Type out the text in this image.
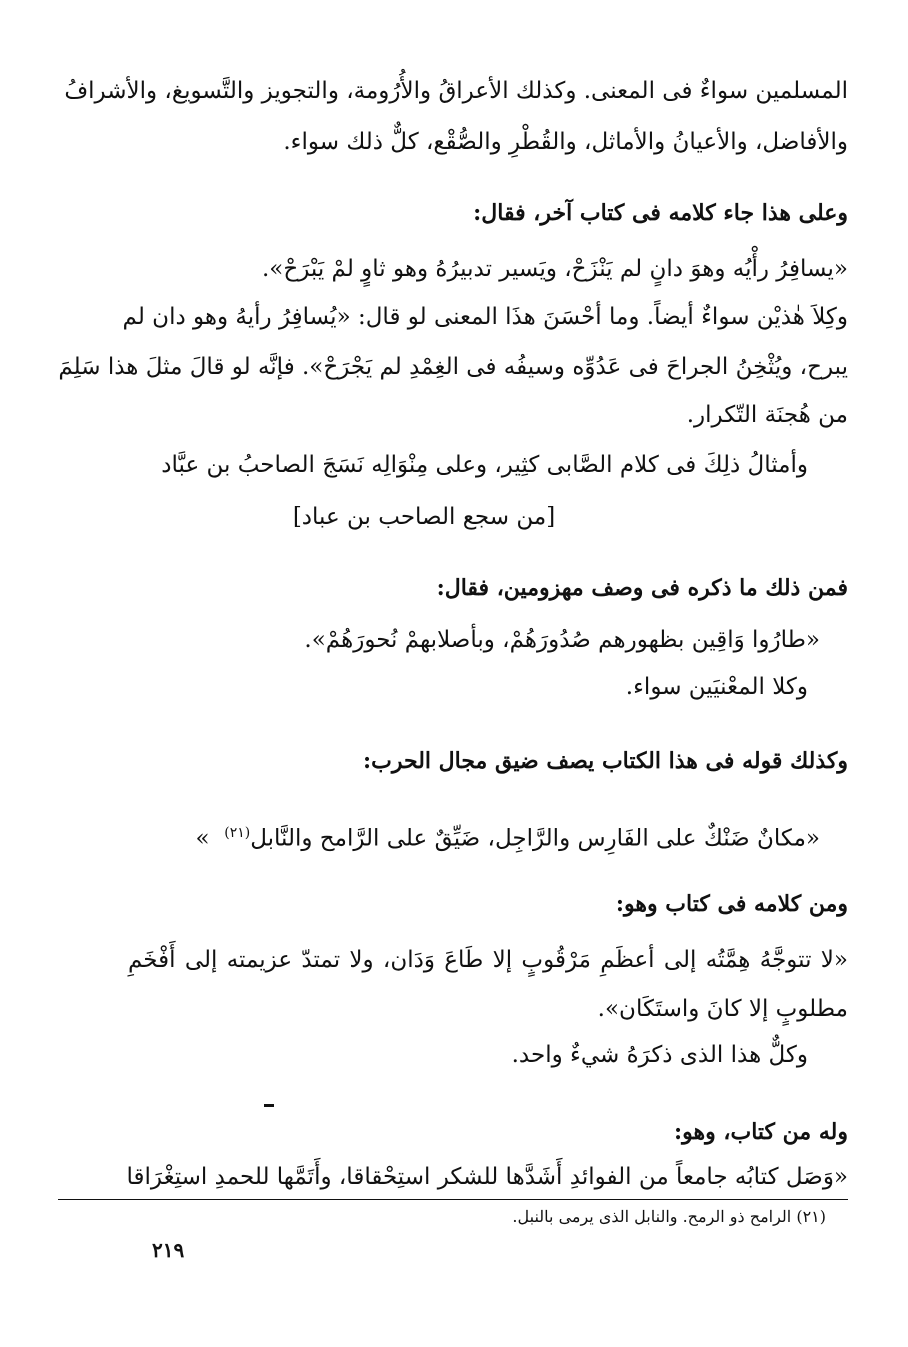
المسلمين سواءٌ فى المعنى. وكذلك الأعراقُ والأُرُومة، والتجويز والتَّسويغ، والأشرافُ
والأفاضل، والأعيانُ والأماثل، والقُطْرِ والصُّقْع، كلٌّ ذلك سواء.
وعلى هذا جاء كلامه فى كتاب آخر، فقال:
«يسافِرُ رأْيُه وهوَ دانٍ لم يَنْزَحْ، ويَسير تدبيرُهُ وهو ثاوٍ لمْ يَبْرَحْ».
وكِلاَ هٰذيْن سواءٌ أيضاً. وما أحْسَنَ هذَا المعنى لو قال: «يُسافِرُ رأيهُ وهو دان لم
يبرح، ويُثْخِنُ الجراحَ فى عَدُوِّه وسيفُه فى الغِمْدِ لم يَجْرَحْ». فإنَّه لو قالَ مثلَ هذا سَلِمَ
من هُجنَة التّكرار.
وأمثالُ ذلِكَ فى كلام الصَّابى كثِير، وعلى مِنْوَالِه نَسَجَ الصاحبُ بن عبَّاد
[من سجع الصاحب بن عباد]
فمن ذلك ما ذكره فى وصف مهزومين، فقال:
«طارُوا وَاقِين بظهورهم صُدُورَهُمْ، وبأصلابهمْ نُحورَهُمْ».
وكلا المعْنيَين سواء.
وكذلك قوله فى هذا الكتاب يصف ضيق مجال الحرب:
«مكانٌ ضَنْكٌ على الفَارِس والرَّاجِل، ضَيِّقٌ على الرَّامح والنَّابل$^{(٢١)}$  »
ومن كلامه فى كتاب وهو:
«لا تتوجَّهُ هِمَّتُه إلى أعظَمِ مَرْقُوبٍ إلا طَاعَ وَدَان، ولا تمتدّ عزيمته إلى أَفْخَمِ
مطلوبٍ إلا كانَ واستَكَان».
وكلٌّ هذا الذى ذكرَهُ شيءٌ واحد.
وله من كتاب، وهو:
«وَصَل كتابُه جامعاً من الفوائدِ أَشَدَّها للشكر استِحْقاقا، وأَتَمَّها للحمدِ استِغْرَاقا
(٢١) الرامح ذو الرمح. والنابل الذى يرمى بالنبل.
٢١٩
